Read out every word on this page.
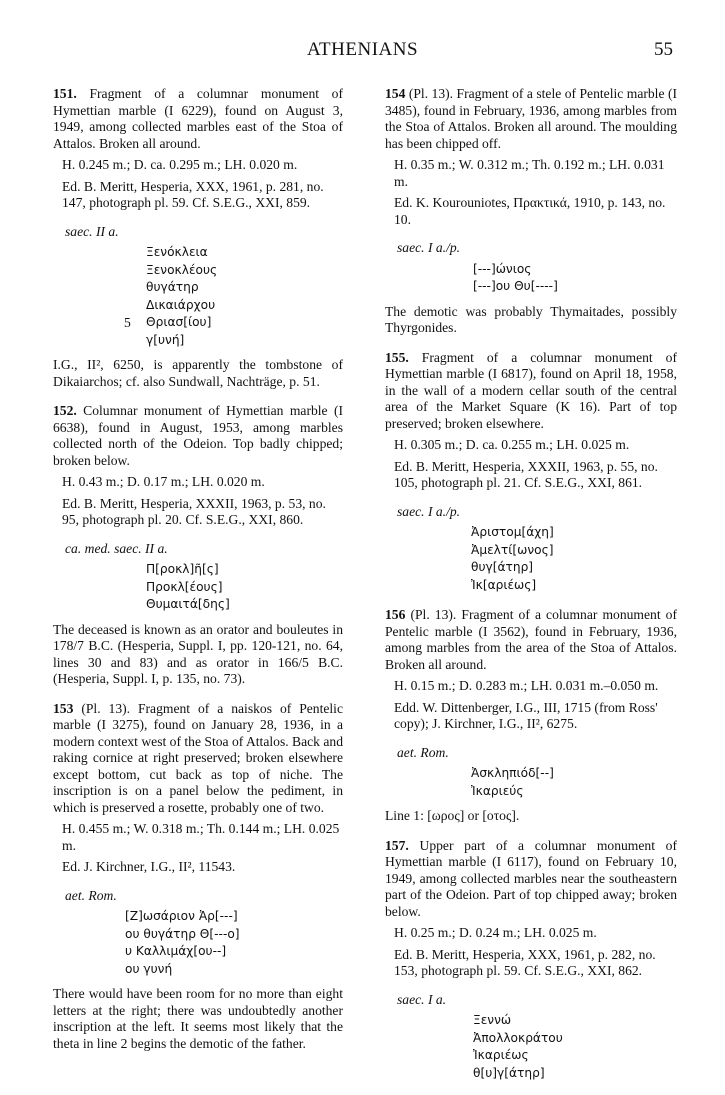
ATHENIANS	55

151. Fragment of a columnar monument of Hymettian marble (I 6229), found on August 3, 1949, among collected marbles east of the Stoa of Attalos. Broken all around.

H. 0.245 m.; D. ca. 0.295 m.; LH. 0.020 m.

Ed. B. Meritt, Hesperia, XXX, 1961, p. 281, no. 147, photograph pl. 59. Cf. S.E.G., XXI, 859.

saec. II a.

Ξενόκλεια
Ξενοκλέους
θυγάτηρ
Δικαιάρχου
5 Θριασ[ίου]
γ[υνή]

I.G., II², 6250, is apparently the tombstone of Dikaiarchos; cf. also Sundwall, Nachträge, p. 51.

152. Columnar monument of Hymettian marble (I 6638), found in August, 1953, among marbles collected north of the Odeion. Top badly chipped; broken below.

H. 0.43 m.; D. 0.17 m.; LH. 0.020 m.

Ed. B. Meritt, Hesperia, XXXII, 1963, p. 53, no. 95, photograph pl. 20. Cf. S.E.G., XXI, 860.

ca. med. saec. II a.

Π[ροκλ]ῆ[ς]
Προκλ[έους]
Θυμαιτά[δης]

The deceased is known as an orator and bouleutes in 178/7 B.C. (Hesperia, Suppl. I, pp. 120-121, no. 64, lines 30 and 83) and as orator in 166/5 B.C. (Hesperia, Suppl. I, p. 135, no. 73).

153 (Pl. 13). Fragment of a naiskos of Pentelic marble (I 3275), found on January 28, 1936, in a modern context west of the Stoa of Attalos. Back and raking cornice at right preserved; broken elsewhere except bottom, cut back as top of niche. The inscription is on a panel below the pediment, in which is preserved a rosette, probably one of two.

H. 0.455 m.; W. 0.318 m.; Th. 0.144 m.; LH. 0.025 m.

Ed. J. Kirchner, I.G., II², 11543.

aet. Rom.

[Ζ]ωσάριον Ἀρ[---]
ου θυγάτηρ Θ[---ο]
υ Καλλιμάχ[ου--]
ου γυνή

There would have been room for no more than eight letters at the right; there was undoubtedly another inscription at the left. It seems most likely that the theta in line 2 begins the demotic of the father.

154 (Pl. 13). Fragment of a stele of Pentelic marble (I 3485), found in February, 1936, among marbles from the Stoa of Attalos. Broken all around. The moulding has been chipped off.

H. 0.35 m.; W. 0.312 m.; Th. 0.192 m.; LH. 0.031 m.

Ed. K. Kourouniotes, Πρακτικά, 1910, p. 143, no. 10.

saec. I a./p.

[---]ώνιος
[---]ου Θυ[----]

The demotic was probably Thymaitades, possibly Thyrgonides.

155. Fragment of a columnar monument of Hymettian marble (I 6817), found on April 18, 1958, in the wall of a modern cellar south of the central area of the Market Square (K 16). Part of top preserved; broken elsewhere.

H. 0.305 m.; D. ca. 0.255 m.; LH. 0.025 m.

Ed. B. Meritt, Hesperia, XXXII, 1963, p. 55, no. 105, photograph pl. 21. Cf. S.E.G., XXI, 861.

saec. I a./p.

Ἀριστομ[άχη]
Ἀμελτί[ωνος]
θυγ[άτηρ]
Ἰκ[αριέως]

156 (Pl. 13). Fragment of a columnar monument of Pentelic marble (I 3562), found in February, 1936, among marbles from the area of the Stoa of Attalos. Broken all around.

H. 0.15 m.; D. 0.283 m.; LH. 0.031 m.–0.050 m.

Edd. W. Dittenberger, I.G., III, 1715 (from Ross' copy); J. Kirchner, I.G., II², 6275.

aet. Rom.

Ἀσκληπιόδ[--]
Ἰκαριεύς

Line 1: [ωρος] or [οτος].

157. Upper part of a columnar monument of Hymettian marble (I 6117), found on February 10, 1949, among collected marbles near the southeastern part of the Odeion. Part of top chipped away; broken below.

H. 0.25 m.; D. 0.24 m.; LH. 0.025 m.

Ed. B. Meritt, Hesperia, XXX, 1961, p. 282, no. 153, photograph pl. 59. Cf. S.E.G., XXI, 862.

saec. I a.

Ξεννώ
Ἀπολλοκράτου
Ἰκαριέως
θ[υ]γ[άτηρ]
